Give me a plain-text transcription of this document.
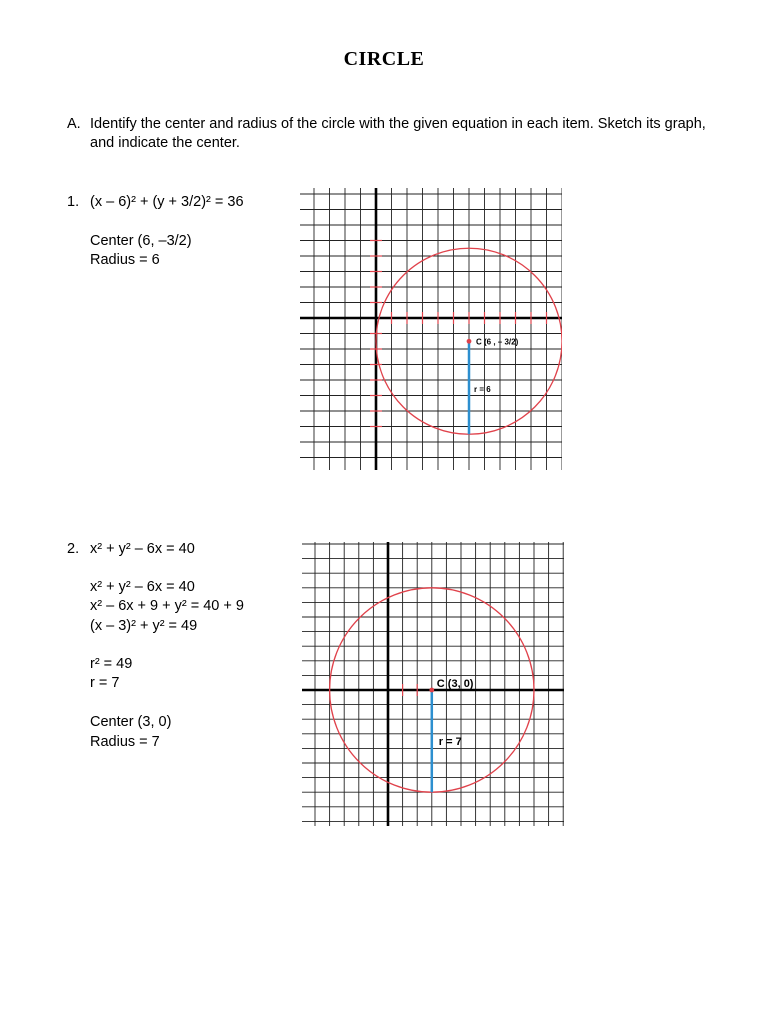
CIRCLE
A. Identify the center and radius of the circle with the given equation in each item. Sketch its graph, and indicate the center.
1. (x – 6)² + (y + 3/2)² = 36
Center (6, –3/2)
Radius = 6
C (6 , – 3/2)
r = 6
2. x² + y² – 6x = 40
x² + y² – 6x = 40
x² – 6x + 9 + y² = 40 + 9
(x – 3)² + y² = 49
r² = 49
r = 7
Center (3, 0)
Radius = 7
C (3, 0)
r = 7
